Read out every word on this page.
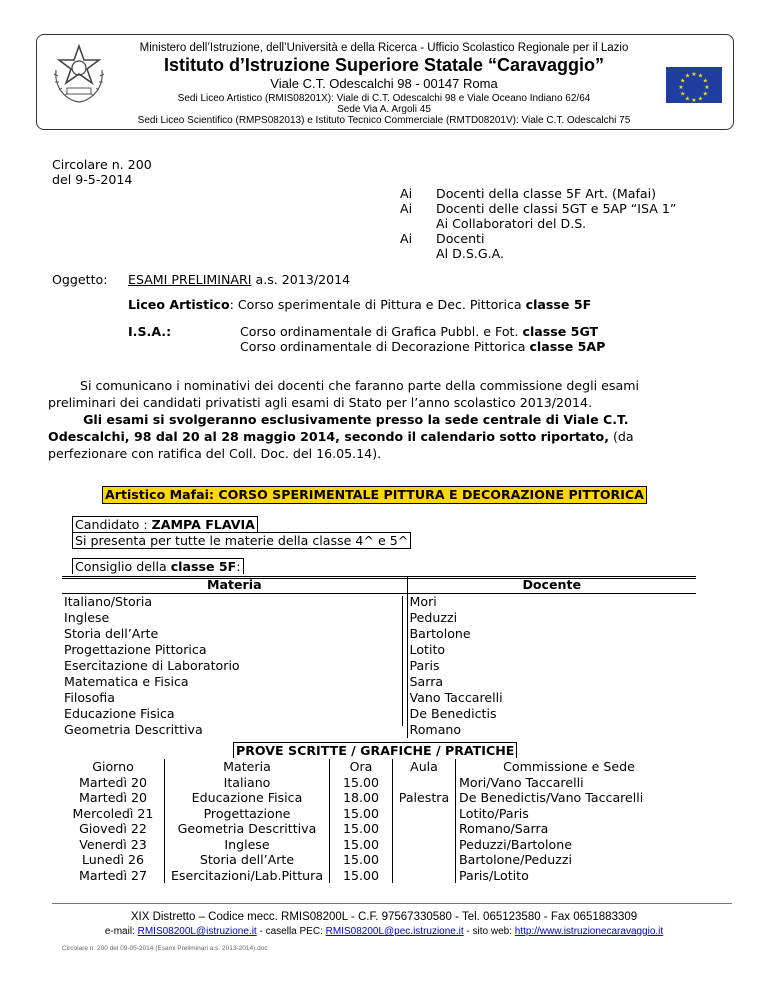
★ ★
★
★
★
★
★
★
★
★
★
★
Ministero dell’Istruzione, dell’Università e della Ricerca - Ufficio Scolastico Regionale per il Lazio
Istituto d’Istruzione Superiore Statale “Caravaggio”
Viale C.T. Odescalchi 98 - 00147 Roma
Sedi Liceo Artistico (RMIS08201X): Viale di C.T. Odescalchi 98 e Viale Oceano Indiano 62/64
Sede Via A. Argoli 45
Sedi Liceo Scientifico (RMPS082013) e Istituto Tecnico Commerciale (RMTD08201V): Viale C.T. Odescalchi 75
Circolare n. 200
del 9-5-2014
Ai Docenti della classe 5F Art. (Mafai)
Ai Docenti delle classi 5GT e 5AP “ISA 1”
Ai Collaboratori del D.S.
Ai Docenti
Al D.S.G.A.
Oggetto: ESAMI PRELIMINARI a.s. 2013/2014
Liceo Artistico: Corso sperimentale di Pittura e Dec. Pittorica classe 5F
I.S.A.:	Corso ordinamentale di Grafica Pubbl. e Fot. classe 5GT
Corso ordinamentale di Decorazione Pittorica classe 5AP
Si comunicano i nominativi dei docenti che faranno parte della commissione degli esami
preliminari dei candidati privatisti agli esami di Stato per l’anno scolastico 2013/2014.
Gli esami si svolgeranno esclusivamente presso la sede centrale di Viale C.T.
Odescalchi, 98 dal 20 al 28 maggio 2014, secondo il calendario sotto riportato, (da
perfezionare con ratifica del Coll. Doc. del 16.05.14).
Artistico Mafai: CORSO SPERIMENTALE PITTURA E DECORAZIONE PITTORICA
Candidato : ZAMPA FLAVIA
Si presenta per tutte le materie della classe 4^ e 5^
Consiglio della classe 5F:
Materia	Docente
Italiano/Storia	Mori
Inglese	Peduzzi
Storia dell’Arte	Bartolone
Progettazione Pittorica	Lotito
Esercitazione di Laboratorio	Paris
Matematica e Fisica	Sarra
Filosofia	Vano Taccarelli
Educazione Fisica	De Benedictis
Geometria Descrittiva	Romano
PROVE SCRITTE / GRAFICHE / PRATICHE
Giorno	Materia	Ora	Aula	Commissione e Sede
Martedì 20	Italiano	15.00		Mori/Vano Taccarelli
Martedì 20	Educazione Fisica	18.00	Palestra	De Benedictis/Vano Taccarelli
Mercoledì 21	Progettazione	15.00		Lotito/Paris
Giovedì 22	Geometria Descrittiva	15.00		Romano/Sarra
Venerdì 23	Inglese	15.00		Peduzzi/Bartolone
Lunedì 26	Storia dell’Arte	15.00		Bartolone/Peduzzi
Martedì 27	Esercitazioni/Lab.Pittura	15.00		Paris/Lotito
XIX Distretto – Codice mecc. RMIS08200L - C.F. 97567330580 - Tel. 065123580 - Fax 0651883309
e-mail: RMIS08200L@istruzione.it - casella PEC: RMIS08200L@pec.istruzione.it - sito web: http://www.istruzionecaravaggio.it
Circolare n. 200 del 09-05-2014 (Esami Preliminari a.s. 2013-2014).doc
